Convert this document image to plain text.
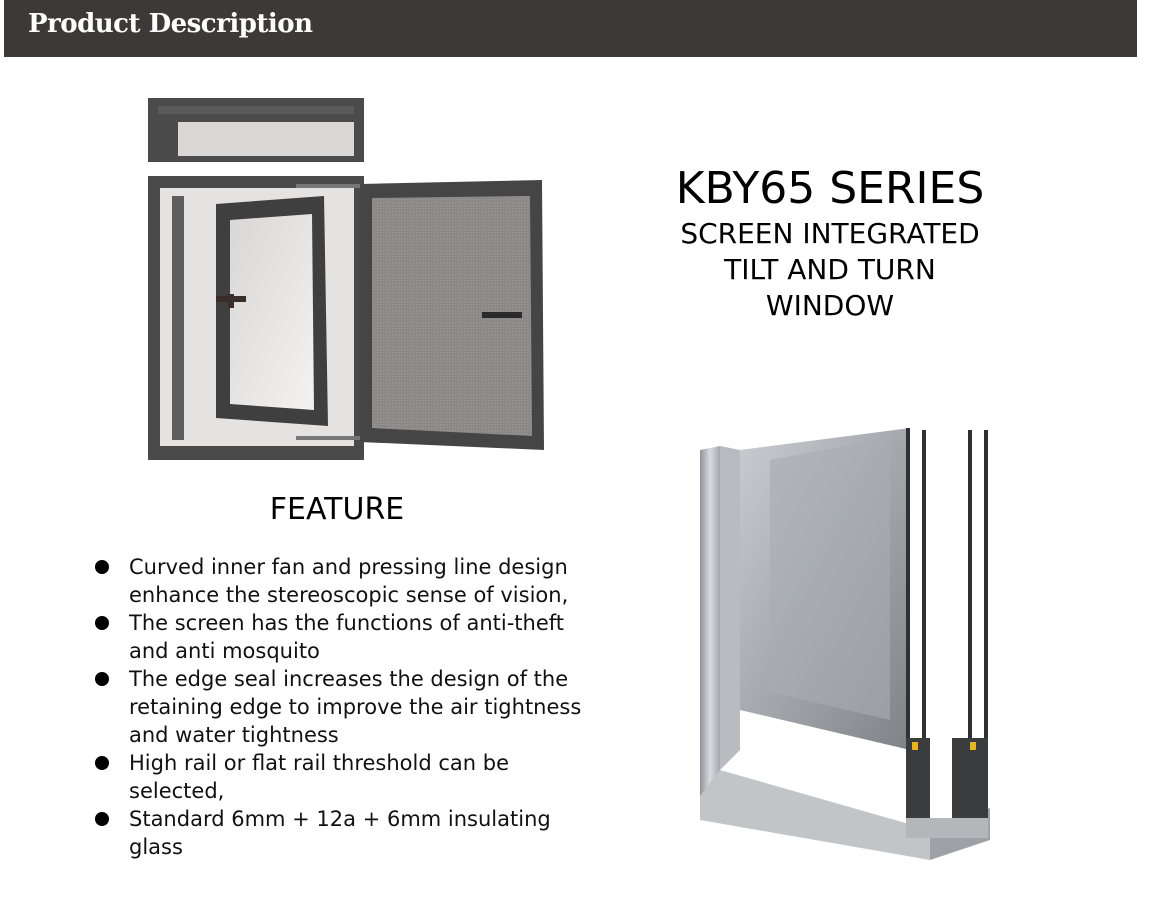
Product Description
KBY65 SERIES
SCREEN INTEGRATED
TILT AND TURN
WINDOW
FEATURE
Curved inner fan and pressing line design
enhance the stereoscopic sense of vision,
The screen has the functions of anti-theft
and anti mosquito
The edge seal increases the design of the
retaining edge to improve the air tightness
and water tightness
High rail or flat rail threshold can be
selected,
Standard 6mm + 12a + 6mm insulating
glass
